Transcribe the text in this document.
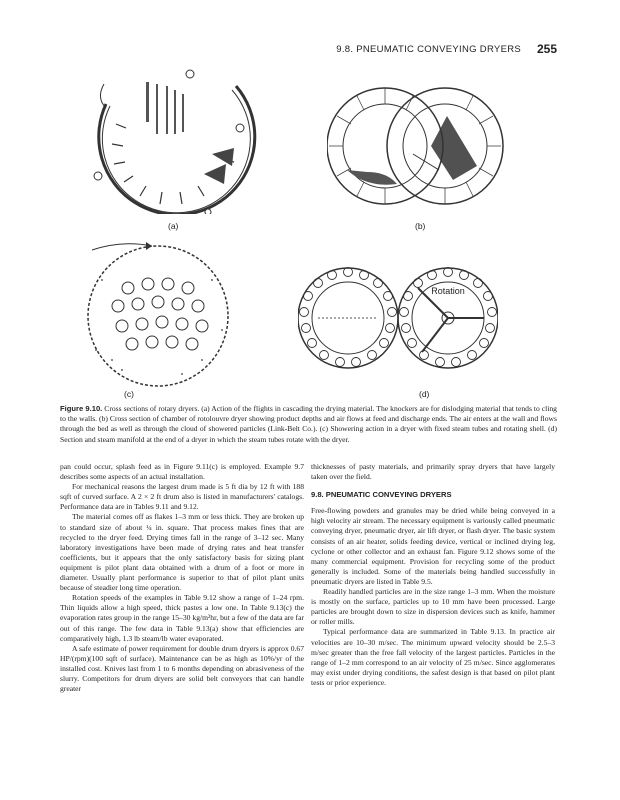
9.8. PNEUMATIC CONVEYING DRYERS 255
(a)	(b)
(c)
Rotation
(d)
Figure 9.10. Cross sections of rotary dryers. (a) Action of the flights in cascading the drying material. The knockers are for dislodging material that tends to cling to the walls. (b) Cross section of chamber of rotolouvre dryer showing product depths and air flows at feed and discharge ends. The air enters at the wall and flows through the bed as well as through the cloud of showered particles (Link-Belt Co.). (c) Showering action in a dryer with fixed steam tubes and rotating shell. (d) Section and steam manifold at the end of a dryer in which the steam tubes rotate with the dryer.

pan could occur, splash feed as in Figure 9.11(c) is employed. Example 9.7 describes some aspects of an actual installation.

For mechanical reasons the largest drum made is 5 ft dia by 12 ft with 188 sqft of curved surface. A 2 × 2 ft drum also is listed in manufacturers' catalogs. Performance data are in Tables 9.11 and 9.12.

The material comes off as flakes 1–3 mm or less thick. They are broken up to standard size of about ¼ in. square. That process makes fines that are recycled to the dryer feed. Drying times fall in the range of 3–12 sec. Many laboratory investigations have been made of drying rates and heat transfer coefficients, but it appears that the only satisfactory basis for sizing plant equipment is pilot plant data obtained with a drum of a foot or more in diameter. Usually plant performance is superior to that of pilot plant units because of steadier long time operation.

Rotation speeds of the examples in Table 9.12 show a range of 1–24 rpm. Thin liquids allow a high speed, thick pastes a low one. In Table 9.13(c) the evaporation rates group in the range 15–30 kg/m²hr, but a few of the data are far out of this range. The few data in Table 9.13(a) show that efficiencies are comparatively high, 1.3 lb steam/lb water evaporated.

A safe estimate of power requirement for double drum dryers is approx 0.67 HP/(rpm)(100 sqft of surface). Maintenance can be as high as 10%/yr of the installed cost. Knives last from 1 to 6 months depending on abrasiveness of the slurry. Competitors for drum dryers are solid belt conveyors that can handle greater

thicknesses of pasty materials, and primarily spray dryers that have largely taken over the field.

9.8. PNEUMATIC CONVEYING DRYERS

Free-flowing powders and granules may be dried while being conveyed in a high velocity air stream. The necessary equipment is variously called pneumatic conveying dryer, pneumatic dryer, air lift dryer, or flash dryer. The basic system consists of an air heater, solids feeding device, vertical or inclined drying leg, cyclone or other collector and an exhaust fan. Figure 9.12 shows some of the many commercial equipment. Provision for recycling some of the product generally is included. Some of the materials being handled successfully in pneumatic dryers are listed in Table 9.5.

Readily handled particles are in the size range 1–3 mm. When the moisture is mostly on the surface, particles up to 10 mm have been processed. Large particles are brought down to size in dispersion devices such as knife, hammer or roller mills.

Typical performance data are summarized in Table 9.13. In practice air velocities are 10–30 m/sec. The minimum upward velocity should be 2.5–3 m/sec greater than the free fall velocity of the largest particles. Particles in the range of 1–2 mm correspond to an air velocity of 25 m/sec. Since agglomerates may exist under drying conditions, the safest design is that based on pilot plant tests or prior experience.
